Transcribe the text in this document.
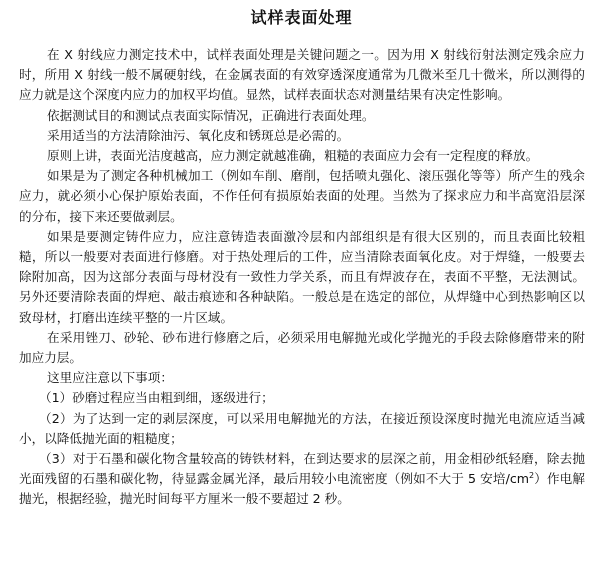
试样表面处理

在 X 射线应力测定技术中，试样表面处理是关键问题之一。因为用 X 射线衍射法测定残余应力时，所用 X 射线一般不属硬射线，在金属表面的有效穿透深度通常为几微米至几十微米，所以测得的应力就是这个深度内应力的加权平均值。显然，试样表面状态对测量结果有决定性影响。

依据测试目的和测试点表面实际情况，正确进行表面处理。

采用适当的方法清除油污、氧化皮和锈斑总是必需的。

原则上讲，表面光洁度越高，应力测定就越准确，粗糙的表面应力会有一定程度的释放。

如果是为了测定各种机械加工（例如车削、磨削，包括喷丸强化、滚压强化等等）所产生的残余应力，就必须小心保护原始表面，不作任何有损原始表面的处理。当然为了探求应力和半高宽沿层深的分布，接下来还要做剥层。

如果是要测定铸件应力，应注意铸造表面激冷层和内部组织是有很大区别的，而且表面比较粗糙，所以一般要对表面进行修磨。对于热处理后的工件，应当清除表面氧化皮。对于焊缝，一般要去除附加高，因为这部分表面与母材没有一致性力学关系，而且有焊波存在，表面不平整，无法测试。另外还要清除表面的焊疤、敲击痕迹和各种缺陷。一般总是在选定的部位，从焊缝中心到热影响区以致母材，打磨出连续平整的一片区域。

在采用锉刀、砂轮、砂布进行修磨之后，必须采用电解抛光或化学抛光的手段去除修磨带来的附加应力层。

这里应注意以下事项：

（1）砂磨过程应当由粗到细，逐级进行；

（2）为了达到一定的剥层深度，可以采用电解抛光的方法，在接近预设深度时抛光电流应适当减小，以降低抛光面的粗糙度；

（3）对于石墨和碳化物含量较高的铸铁材料，在到达要求的层深之前，用金相砂纸轻磨，除去抛光面残留的石墨和碳化物，待显露金属光泽，最后用较小电流密度（例如不大于 5 安培$/cm^2$）作电解抛光，根据经验，抛光时间每平方厘米一般不要超过 2 秒。
